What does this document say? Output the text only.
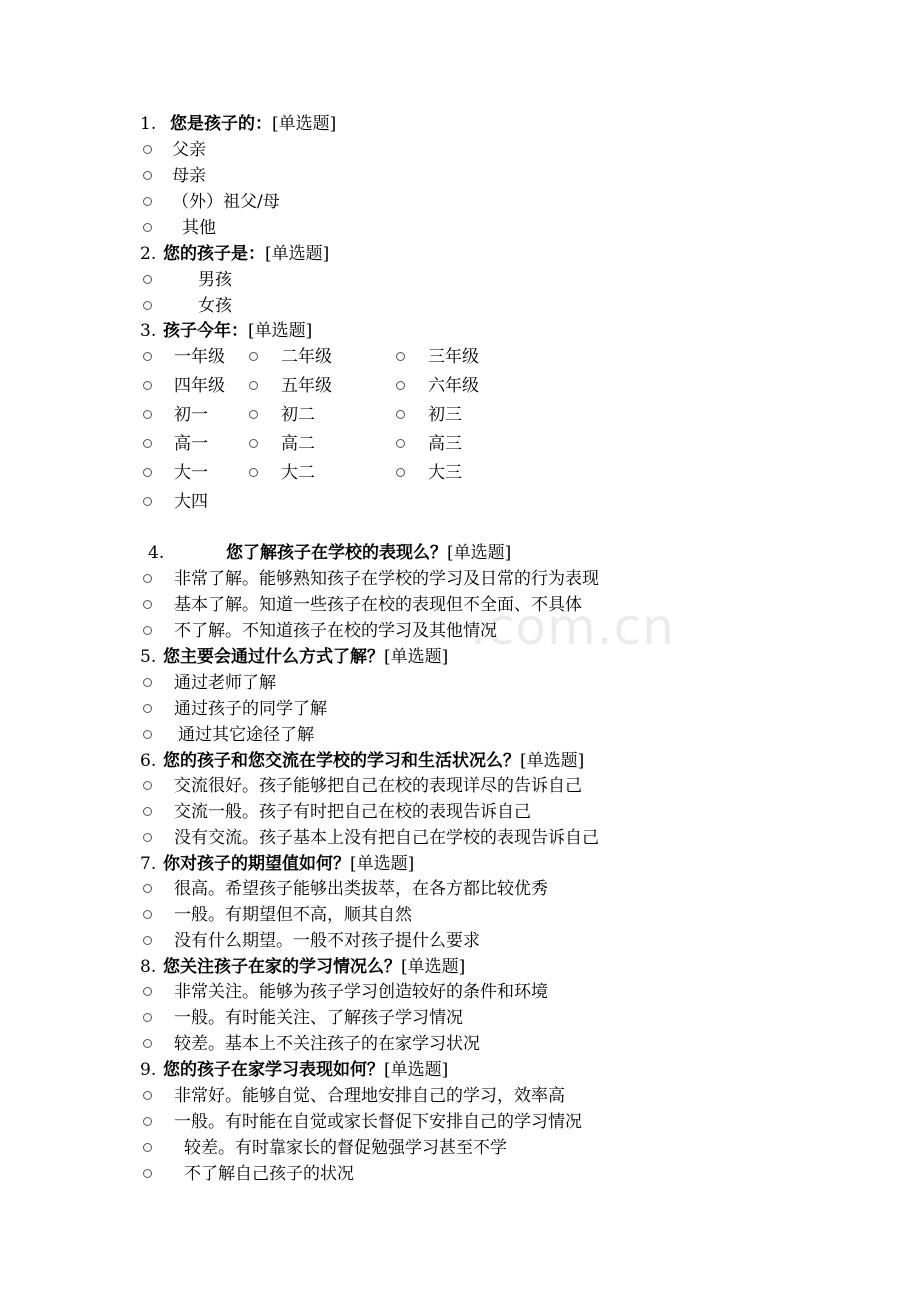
1. 您是孩子的：[单选题]
父亲
母亲
（外）祖父/母
其他
2. 您的孩子是：[单选题]
男孩
女孩
3. 孩子今年：[单选题]
一年级	二年级	三年级
四年级	五年级	六年级
初一	初二	初三
高一	高二	高三
大一	大二	大三
大四
4.	您了解孩子在学校的表现么？[单选题]
非常了解。能够熟知孩子在学校的学习及日常的行为表现
基本了解。知道一些孩子在校的表现但不全面、不具体
不了解。不知道孩子在校的学习及其他情况
5. 您主要会通过什么方式了解？[单选题]
通过老师了解
通过孩子的同学了解
通过其它途径了解
6. 您的孩子和您交流在学校的学习和生活状况么？[单选题]
交流很好。孩子能够把自己在校的表现详尽的告诉自己
交流一般。孩子有时把自己在校的表现告诉自己
没有交流。孩子基本上没有把自己在学校的表现告诉自己
7. 你对孩子的期望值如何？[单选题]
很高。希望孩子能够出类拔萃，在各方都比较优秀
一般。有期望但不高，顺其自然
没有什么期望。一般不对孩子提什么要求
8. 您关注孩子在家的学习情况么？[单选题]
非常关注。能够为孩子学习创造较好的条件和环境
一般。有时能关注、了解孩子学习情况
较差。基本上不关注孩子的在家学习状况
9. 您的孩子在家学习表现如何？[单选题]
非常好。能够自觉、合理地安排自己的学习，效率高
一般。有时能在自觉或家长督促下安排自己的学习情况
较差。有时靠家长的督促勉强学习甚至不学
不了解自己孩子的状况
.com.cn
